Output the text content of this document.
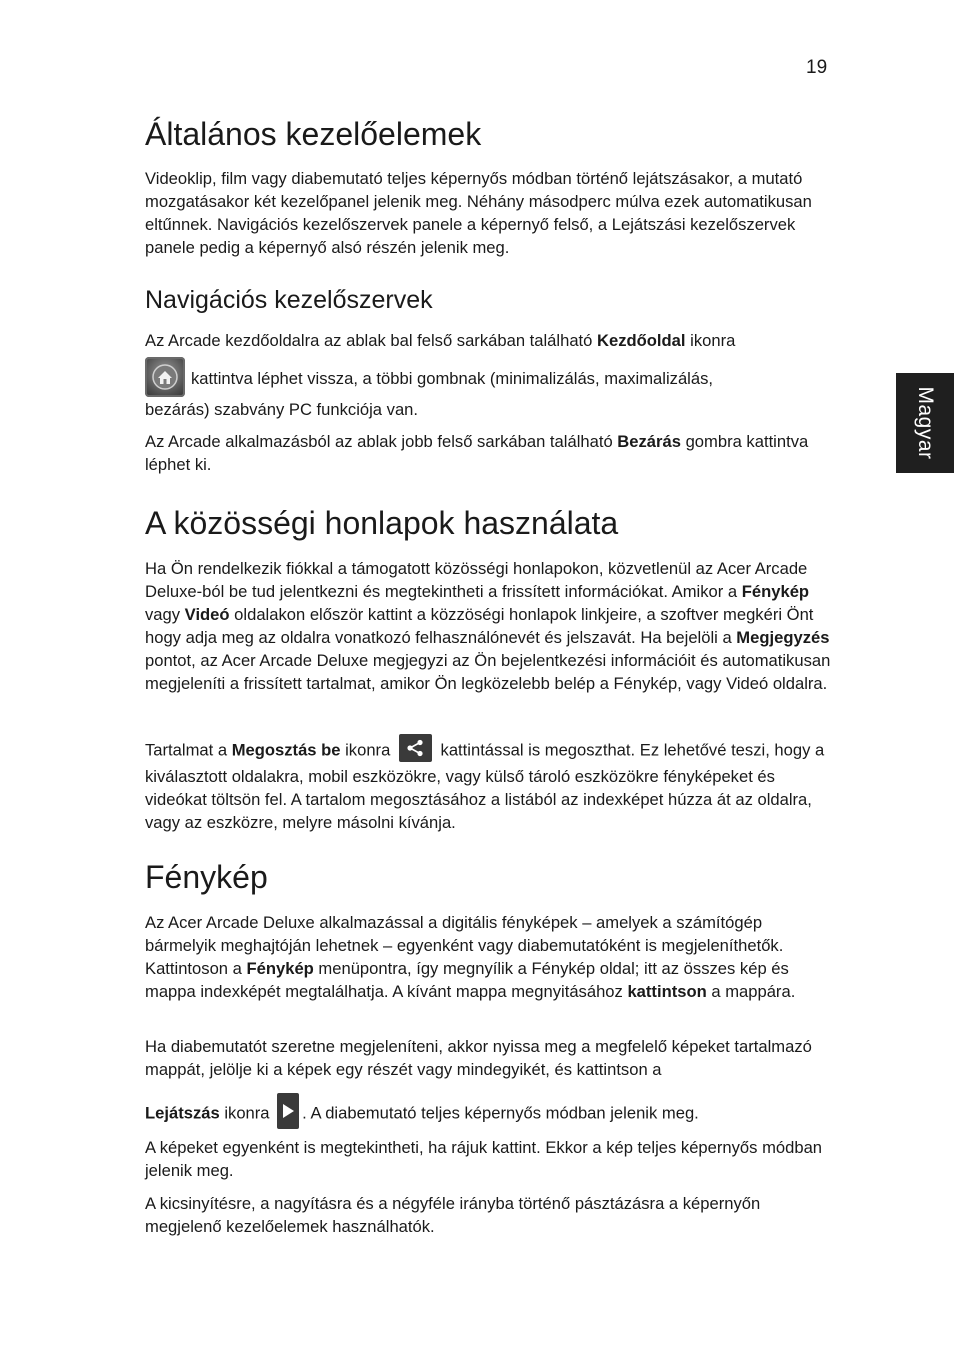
19
Magyar
Általános kezelőelemek

Videoklip, film vagy diabemutató teljes képernyős módban történő lejátszásakor, a mutató mozgatásakor két kezelőpanel jelenik meg. Néhány másodperc múlva ezek automatikusan eltűnnek. Navigációs kezelőszervek panele a képernyő felső, a Lejátszási kezelőszervek panele pedig a képernyő alsó részén jelenik meg.

Navigációs kezelőszervek

Az Arcade kezdőoldalra az ablak bal felső sarkában található Kezdőoldal ikonra

kattintva léphet vissza, a többi gombnak (minimalizálás, maximalizálás,

bezárás) szabvány PC funkciója van.

Az Arcade alkalmazásból az ablak jobb felső sarkában található Bezárás gombra kattintva léphet ki.

A közösségi honlapok használata

Ha Ön rendelkezik fiókkal a támogatott közösségi honlapokon, közvetlenül az Acer Arcade Deluxe-ból be tud jelentkezni és megtekintheti a frissített információkat. Amikor a Fénykép vagy Videó oldalakon először kattint a közzöségi honlapok linkjeire, a szoftver megkéri Önt hogy adja meg az oldalra vonatkozó felhasználónevét és jelszavát. Ha bejelöli a Megjegyzés pontot, az Acer Arcade Deluxe megjegyzi az Ön bejelentkezési információit és automatikusan megjeleníti a frissített tartalmat, amikor Ön legközelebb belép a Fénykép, vagy Videó oldalra.

Tartalmat a Megosztás be ikonra
kattintással is megoszthat. Ez lehetővé teszi, hogy a kiválasztott oldalakra, mobil eszközökre, vagy külső tároló eszközökre fényképeket és videókat töltsön fel. A tartalom megosztásához a listából az indexképet húzza át az oldalra, vagy az eszközre, melyre másolni kívánja.

Fénykép

Az Acer Arcade Deluxe alkalmazással a digitális fényképek – amelyek a számítógép bármelyik meghajtóján lehetnek – egyenként vagy diabemutatóként is megjeleníthetők. Kattintoson a Fénykép menüpontra, így megnyílik a Fénykép oldal; itt az összes kép és mappa indexképét megtalálhatja. A kívánt mappa megnyitásához kattintson a mappára.

Ha diabemutatót szeretne megjeleníteni, akkor nyissa meg a megfelelő képeket tartalmazó mappát, jelölje ki a képek egy részét vagy mindegyikét, és kattintson a

Lejátszás ikonra
. A diabemutató teljes képernyős módban jelenik meg.

A képeket egyenként is megtekintheti, ha rájuk kattint. Ekkor a kép teljes képernyős módban jelenik meg.

A kicsinyítésre, a nagyításra és a négyféle irányba történő pásztázásra a képernyőn megjelenő kezelőelemek használhatók.
